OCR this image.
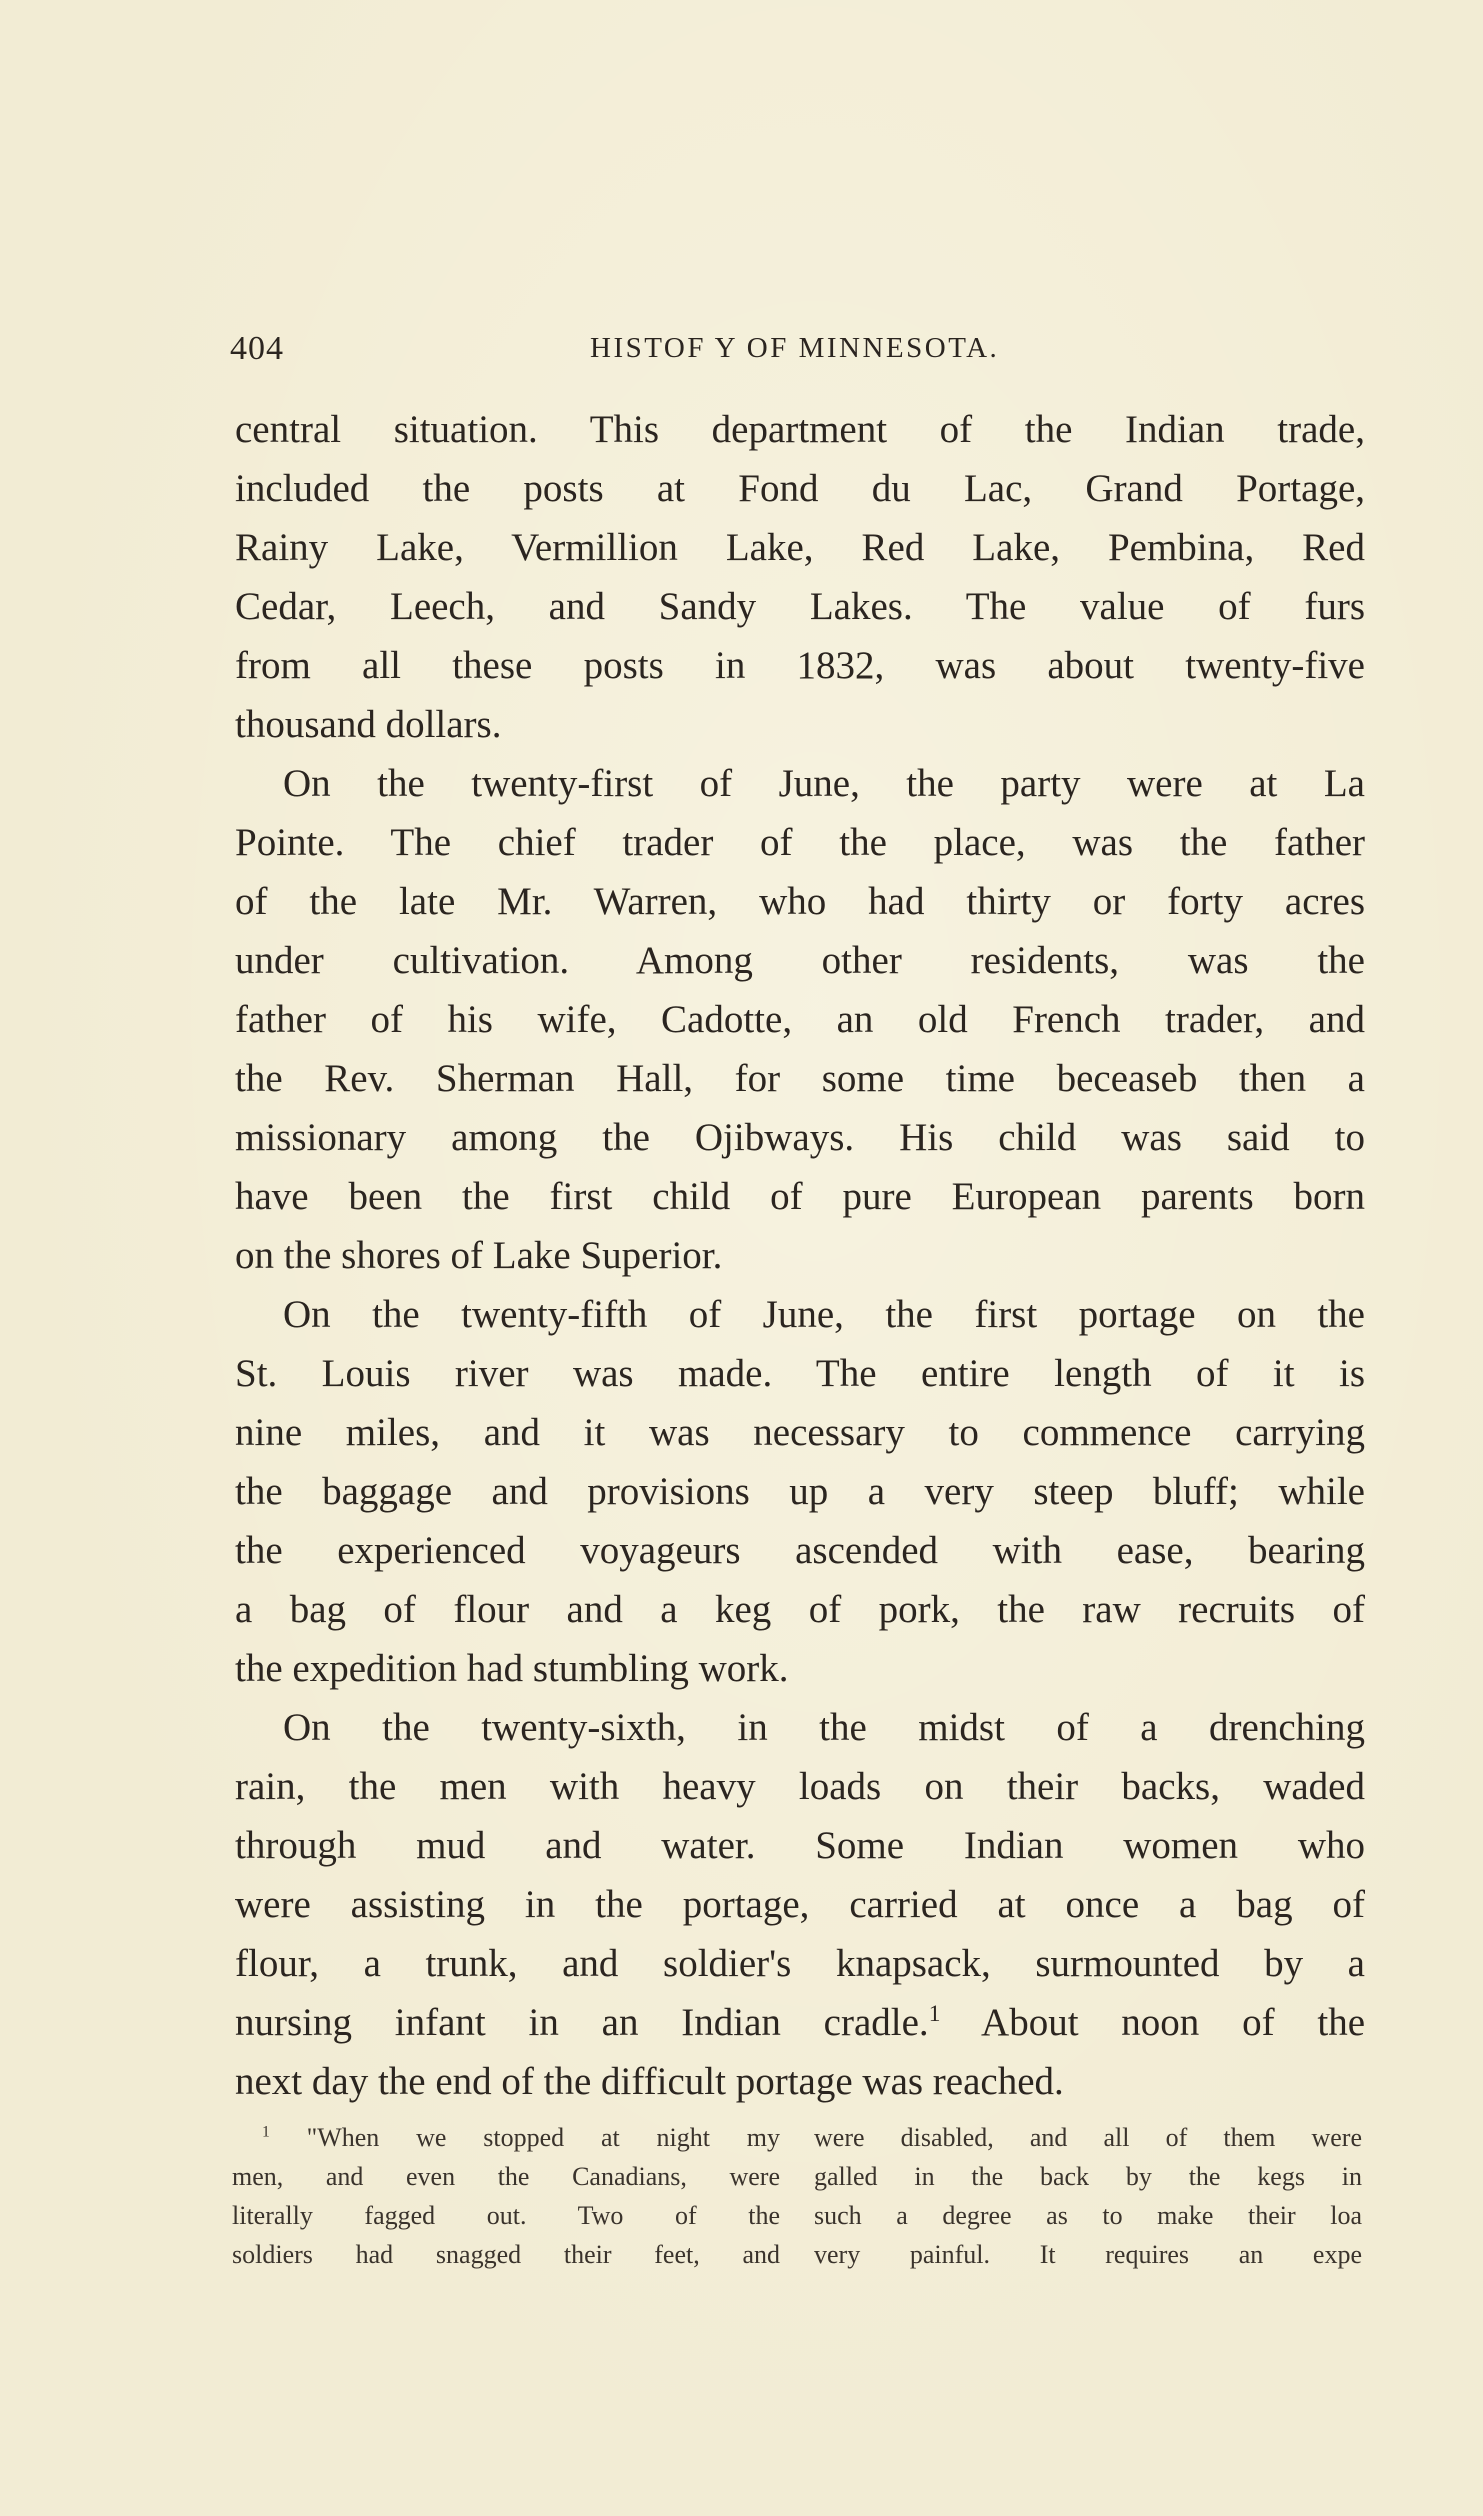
404	HISTOF Y OF MINNESOTA.
central situation. This department of the Indian trade,
included the posts at Fond du Lac, Grand Portage,
Rainy Lake, Vermillion Lake, Red Lake, Pembina, Red
Cedar, Leech, and Sandy Lakes. The value of furs
from all these posts in 1832, was about twenty-five
thousand dollars.
On the twenty-first of June, the party were at La
Pointe. The chief trader of the place, was the father
of the late Mr. Warren, who had thirty or forty acres
under cultivation. Among other residents, was the
father of his wife, Cadotte, an old French trader, and
the Rev. Sherman Hall, for some time beceaseb then a
missionary among the Ojibways. His child was said to
have been the first child of pure European parents born
on the shores of Lake Superior.
On the twenty-fifth of June, the first portage on the
St. Louis river was made. The entire length of it is
nine miles, and it was necessary to commence carrying
the baggage and provisions up a very steep bluff; while
the experienced voyageurs ascended with ease, bearing
a bag of flour and a keg of pork, the raw recruits of
the expedition had stumbling work.
On the twenty-sixth, in the midst of a drenching
rain, the men with heavy loads on their backs, waded
through mud and water. Some Indian women who
were assisting in the portage, carried at once a bag of
flour, a trunk, and soldier's knapsack, surmounted by a
nursing infant in an Indian cradle.$^1$ About noon of the
next day the end of the difficult portage was reached.
$^1$ "When we stopped at night my
men, and even the Canadians, were
literally fagged out. Two of the
soldiers had snagged their feet, and
were disabled, and all of them were
galled in the back by the kegs in
such a degree as to make their loa
very painful. It requires an expe
